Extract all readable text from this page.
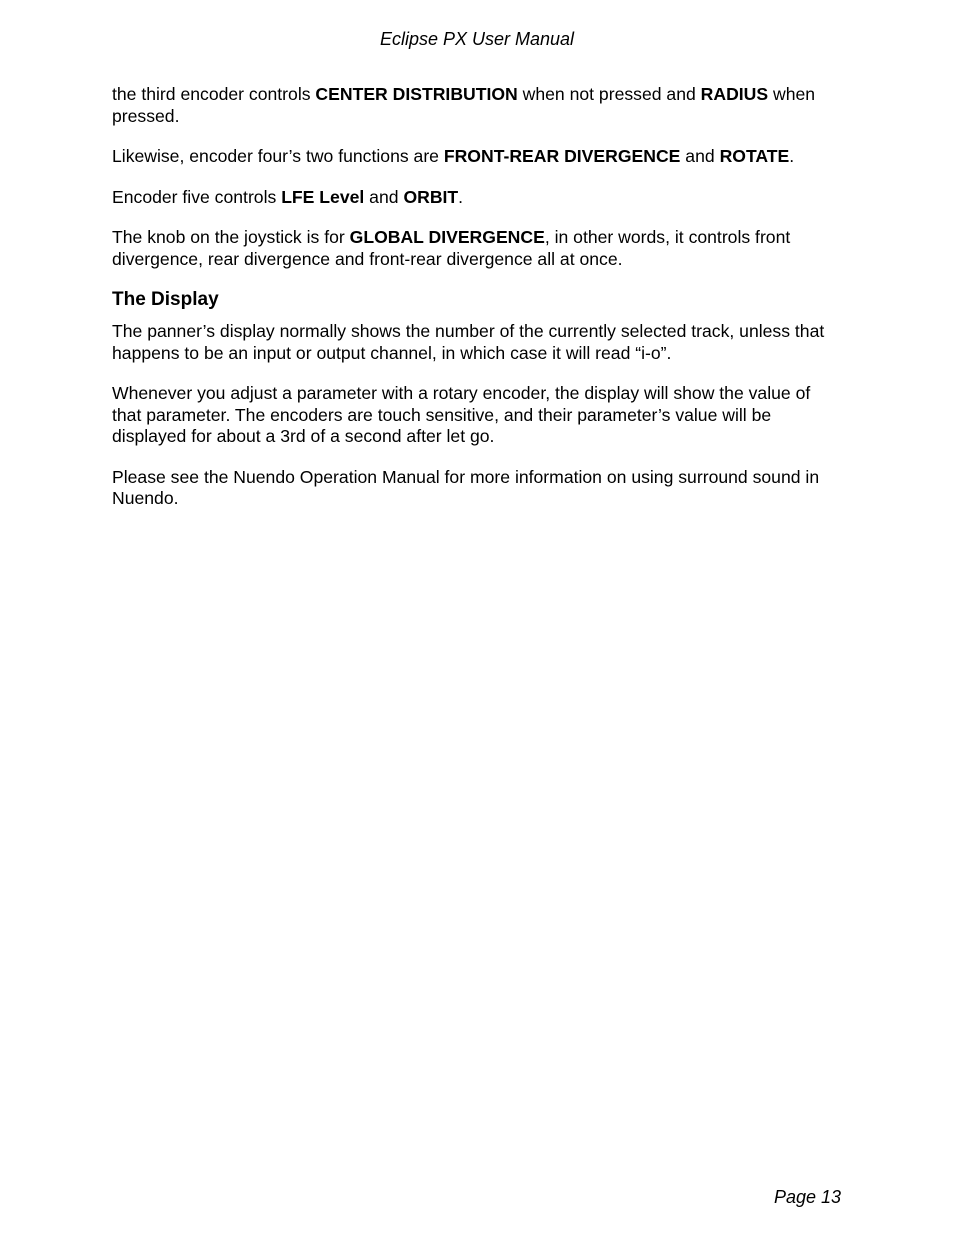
Eclipse PX User Manual

the third encoder controls CENTER DISTRIBUTION when not pressed and RADIUS when pressed.

Likewise, encoder four’s two functions are FRONT-REAR DIVERGENCE and ROTATE.

Encoder five controls LFE Level and ORBIT.

The knob on the joystick is for GLOBAL DIVERGENCE, in other words, it controls front divergence, rear divergence and front-rear divergence all at once.

The Display

The panner’s display normally shows the number of the currently selected track, unless that happens to be an input or output channel, in which case it will read “i-o”.

Whenever you adjust a parameter with a rotary encoder, the display will show the value of that parameter. The encoders are touch sensitive, and their parameter’s value will be displayed for about a 3rd of a second after let go.

Please see the Nuendo Operation Manual for more information on using surround sound in Nuendo.

Page 13
